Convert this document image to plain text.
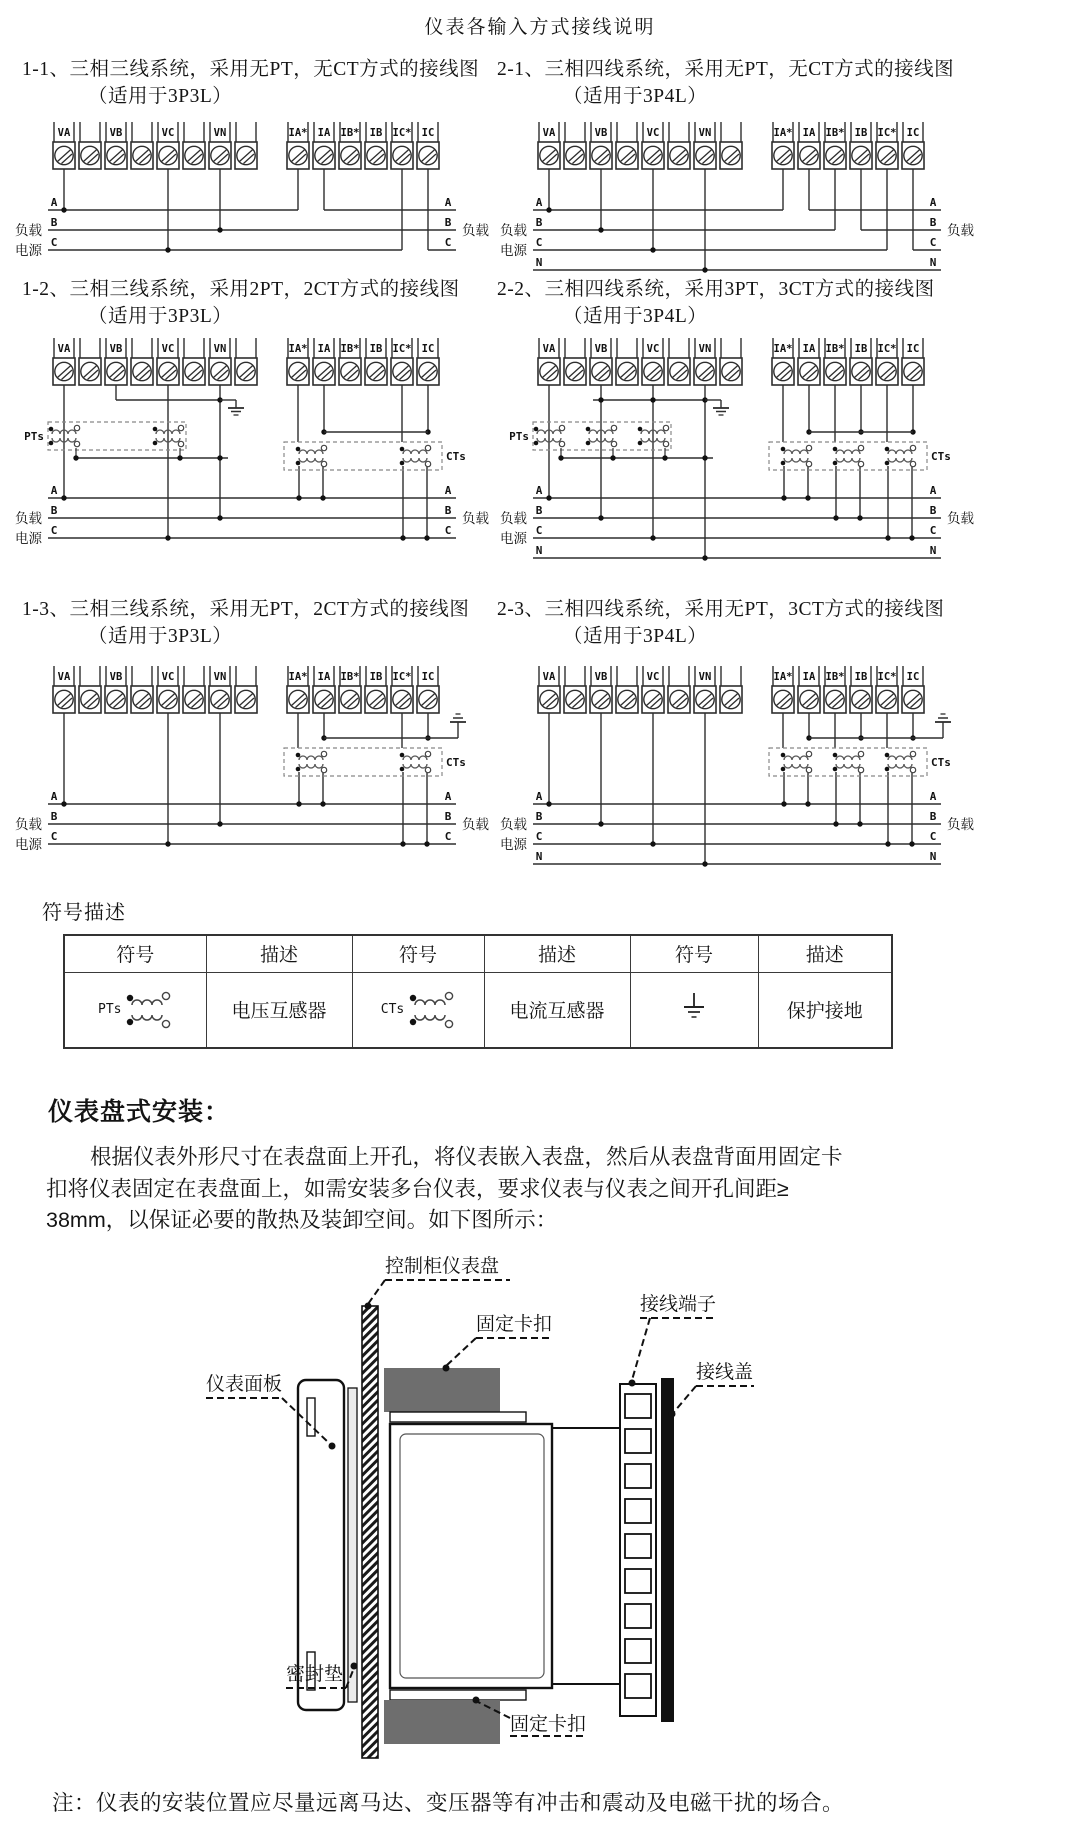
仪表各输入方式接线说明
1-1、三相三线系统，采用无PT，无CT方式的接线图
（适用于3P3L）
2-1、三相四线系统，采用无PT，无CT方式的接线图
（适用于3P4L）
1-2、三相三线系统，采用2PT，2CT方式的接线图
（适用于3P3L）
2-2、三相四线系统，采用3PT，3CT方式的接线图
（适用于3P4L）
1-3、三相三线系统，采用无PT，2CT方式的接线图
（适用于3P3L）
2-3、三相四线系统，采用无PT，3CT方式的接线图
（适用于3P4L）
VA	VB	VC	VN	IA* IA IB* IB IC* IC
A	A
B	B
C	C
负载
电源
负载
VA	VB	VC	VN	IA* IA IB* IB IC* IC
A	A
B	B
C	C
N	N
负载
电源
负载
VA	VB	VC	VN	IA* IA IB* IB IC* IC
A	A
B	B
C	C
负载
电源
负载
CTs
PTs
VA	VB	VC	VN	IA* IA IB* IB IC* IC
A	A
B	B
C	C
N	N
负载
电源
负载
CTs
PTs
VA	VB	VC	VN	IA* IA IB* IB IC* IC
A	A
B	B
C	C
负载
电源
负载
CTs
VA	VB	VC	VN	IA* IA IB* IB IC* IC
A	A
B	B
C	C
N	N
负载
电源
负载
CTs
符号描述
符号	描述	符号	描述	符号	描述

PTs	电压互感器	CTs	电流互感器		保护接地
仪表盘式安装：
根据仪表外形尺寸在表盘面上开孔，将仪表嵌入表盘，然后从表盘背面用固定卡
扣将仪表固定在表盘面上，如需安装多台仪表，要求仪表与仪表之间开孔间距≥
38mm，以保证必要的散热及装卸空间。如下图所示：
控制柜仪表盘
固定卡扣
接线端子
接线盖
仪表面板
密封垫
固定卡扣
注：仪表的安装位置应尽量远离马达、变压器等有冲击和震动及电磁干扰的场合。
